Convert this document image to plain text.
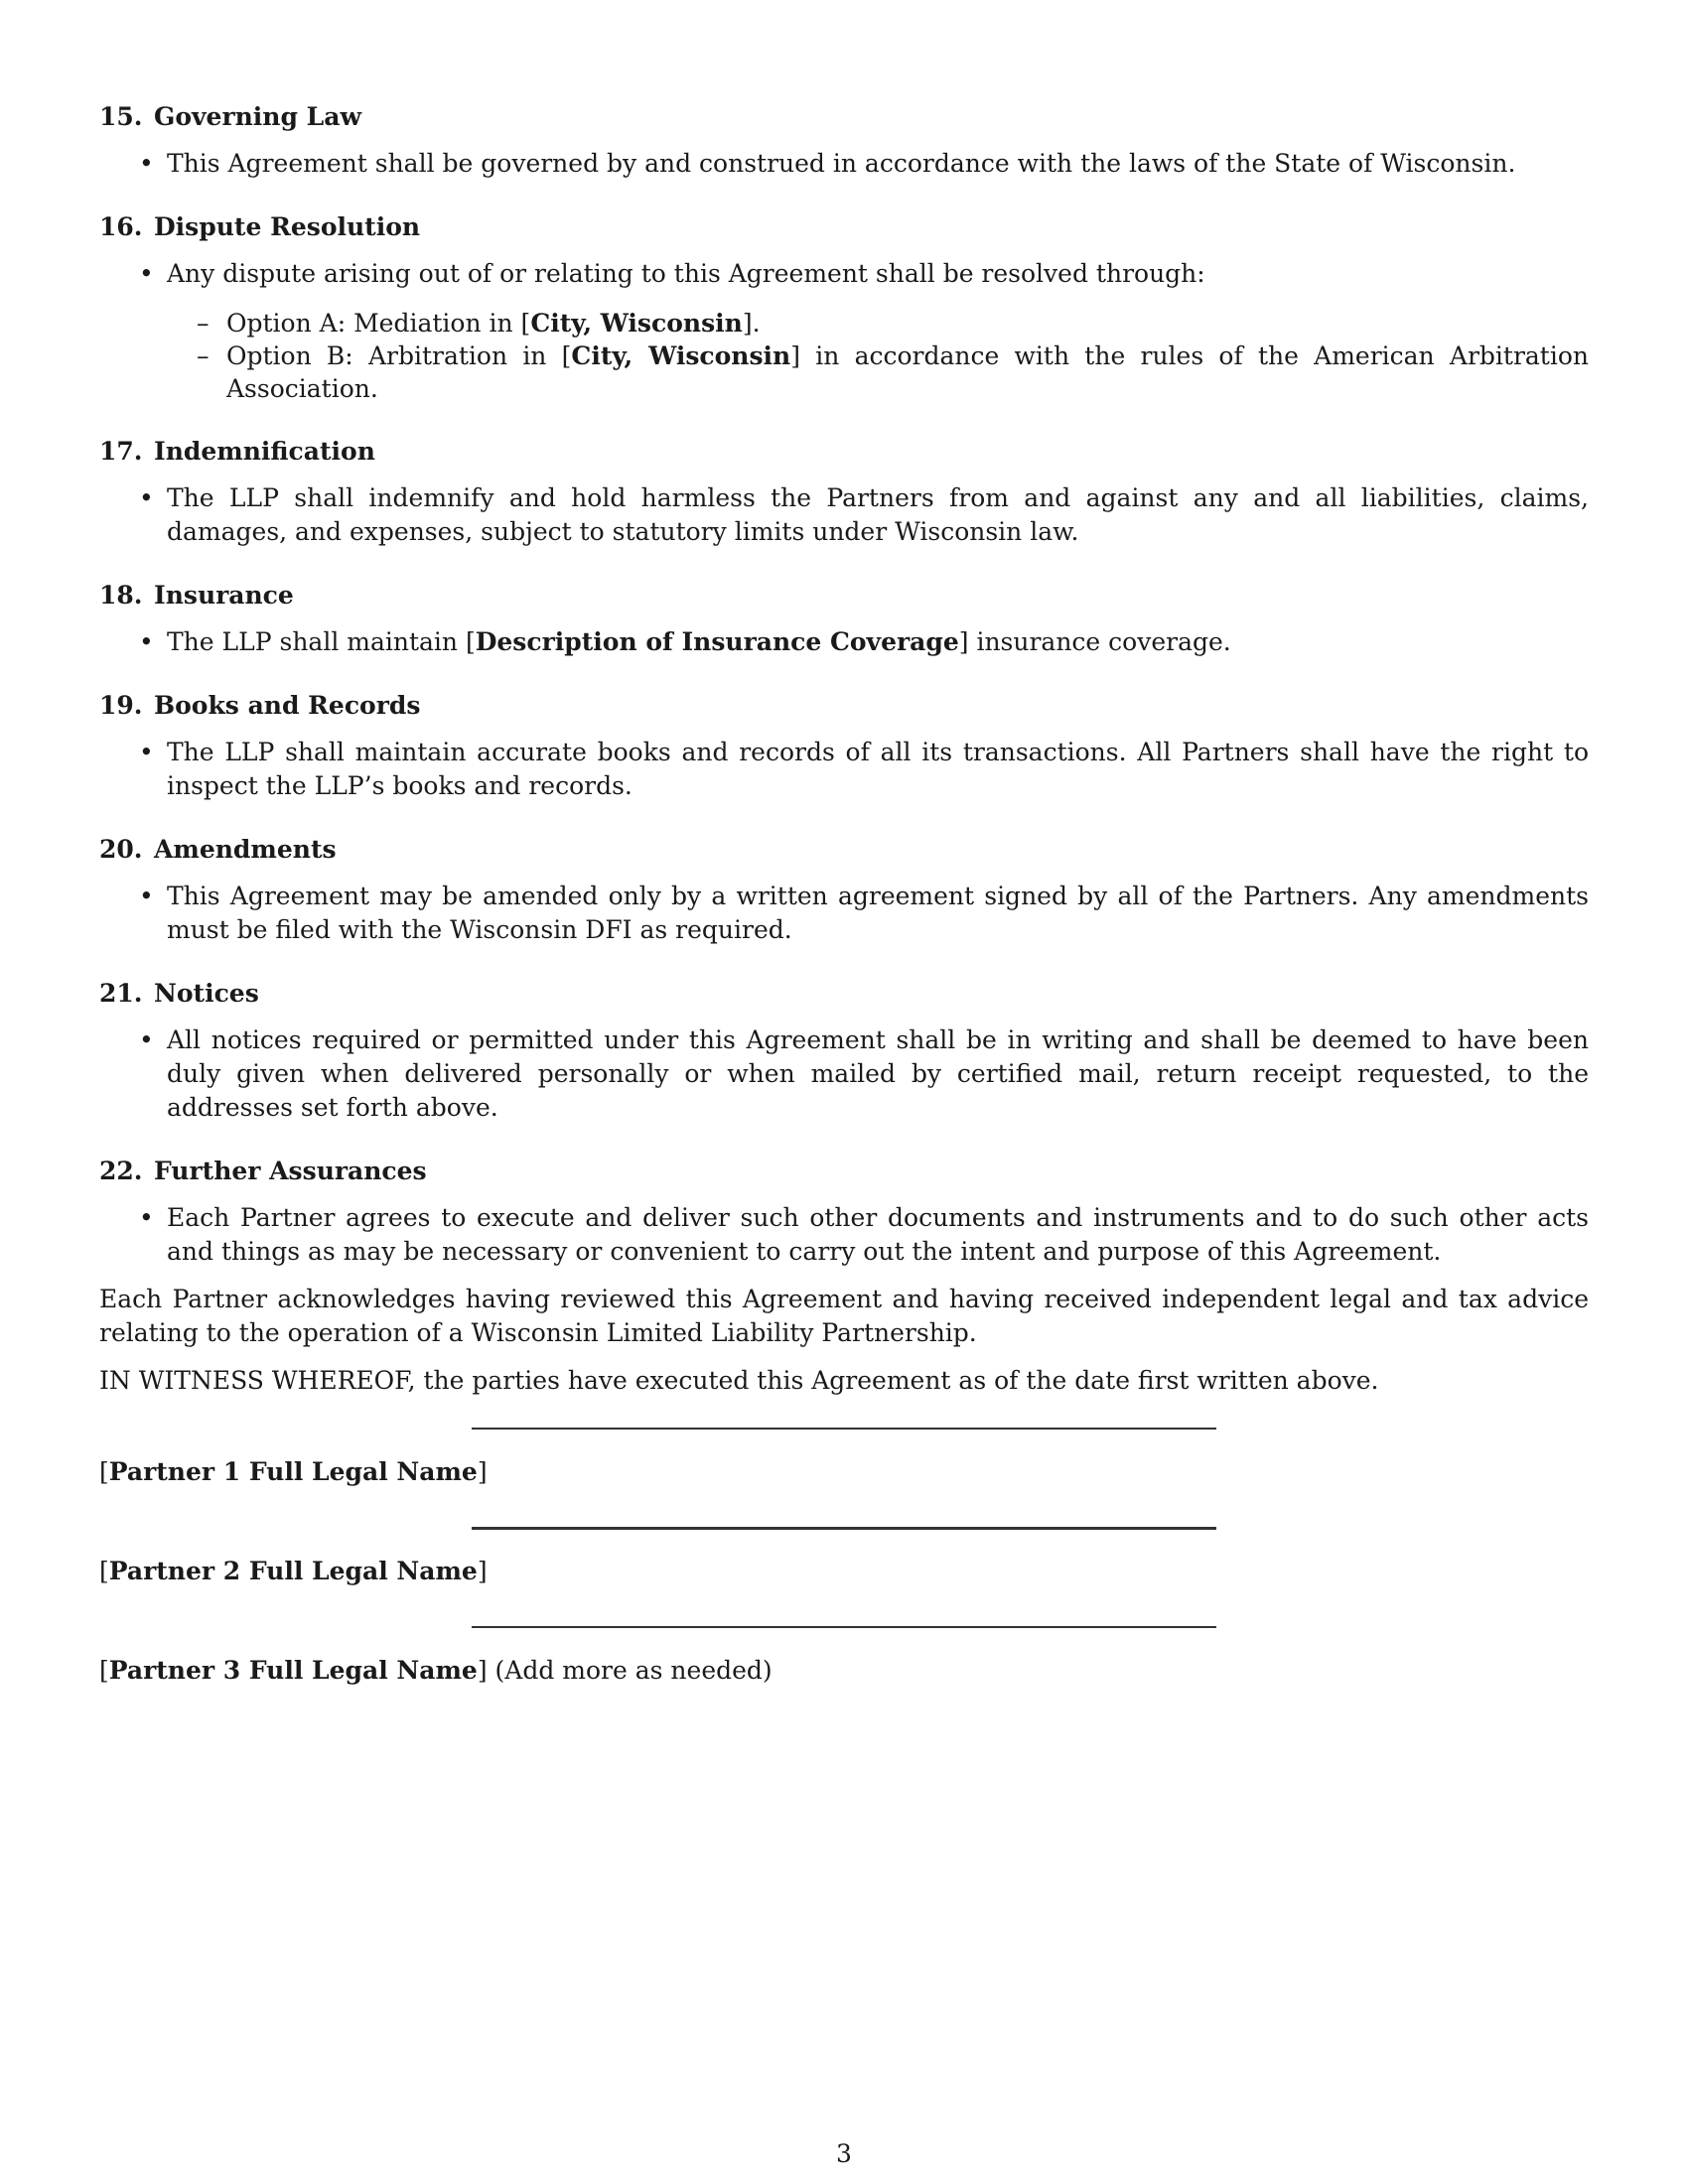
15. Governing Law
• This Agreement shall be governed by and construed in accordance with the laws of the State of Wisconsin.
16. Dispute Resolution
• Any dispute arising out of or relating to this Agreement shall be resolved through:
– Option A: Mediation in [City, Wisconsin].
– Option B: Arbitration in [City, Wisconsin] in accordance with the rules of the American Arbitration Association.
17. Indemnification
• The LLP shall indemnify and hold harmless the Partners from and against any and all liabilities, claims, damages, and expenses, subject to statutory limits under Wisconsin law.
18. Insurance
• The LLP shall maintain [Description of Insurance Coverage] insurance coverage.
19. Books and Records
• The LLP shall maintain accurate books and records of all its transactions. All Partners shall have the right to inspect the LLP’s books and records.
20. Amendments
• This Agreement may be amended only by a written agreement signed by all of the Partners. Any amendments must be filed with the Wisconsin DFI as required.
21. Notices
• All notices required or permitted under this Agreement shall be in writing and shall be deemed to have been duly given when delivered personally or when mailed by certified mail, return receipt requested, to the addresses set forth above.
22. Further Assurances
• Each Partner agrees to execute and deliver such other documents and instruments and to do such other acts and things as may be necessary or convenient to carry out the intent and purpose of this Agreement.

Each Partner acknowledges having reviewed this Agreement and having received independent legal and tax advice relating to the operation of a Wisconsin Limited Liability Partnership.

IN WITNESS WHEREOF, the parties have executed this Agreement as of the date first written above.

[Partner 1 Full Legal Name]
[Partner 2 Full Legal Name]
[Partner 3 Full Legal Name] (Add more as needed)
3
